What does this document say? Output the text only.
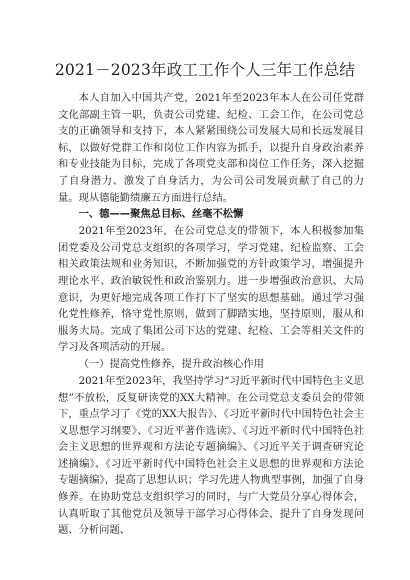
2021－2023年政工工作个人三年工作总结

本人自加入中国共产党，2021年至2023年本人在公司任党群文化部副主管一职，负责公司党建、纪检、工会工作，在公司党总支的正确领导和支持下，本人紧紧围绕公司发展大局和长远发展目标，以做好党群工作和岗位工作内容为抓手，以提升自身政治素养和专业技能为目标，完成了各项党支部和岗位工作任务，深入挖掘了自身潜力、激发了自身活力，为公司公司发展贡献了自己的力量。现从德能勤绩廉五方面进行总结。

一、德——聚焦总目标、丝毫不松懈

2021年至2023年，在公司党总支的带领下，本人积极参加集团党委及公司党总支组织的各项学习，学习党建、纪检监察、工会相关政策法规和业务知识，不断加强党的方针政策学习，增强提升理论水平、政治敏锐性和政治鉴别力。进一步增强政治意识、大局意识，为更好地完成各项工作打下了坚实的思想基础。通过学习强化党性修养，恪守党性原则，做到了脚踏实地，坚持原则，服从和服务大局。完成了集团公司下达的党建、纪检、工会等相关文件的学习及各项活动的开展。

（一）提高党性修养，提升政治核心作用

2021年至2023年，我坚持学习“习近平新时代中国特色主义思想”不放松，反复研读党的XX大精神。在公司党总支委员会的带领下，重点学习了《党的XX大报告》、《习近平新时代中国特色社会主义思想学习纲要》、《习近平著作选读》、《习近平新时代中国特色社会主义思想的世界观和方法论专题摘编》、《习近平关于调查研究论述摘编》、《习近平新时代中国特色社会主义思想的世界观和方法论专题摘编》，提高了思想认识；学习先进人物典型事例，加强了自身修养。在协助党总支组织学习的同时，与广大党员分享心得体会，认真听取了其他党员及领导干部学习心得体会，提升了自身发现问题、分析问题、
